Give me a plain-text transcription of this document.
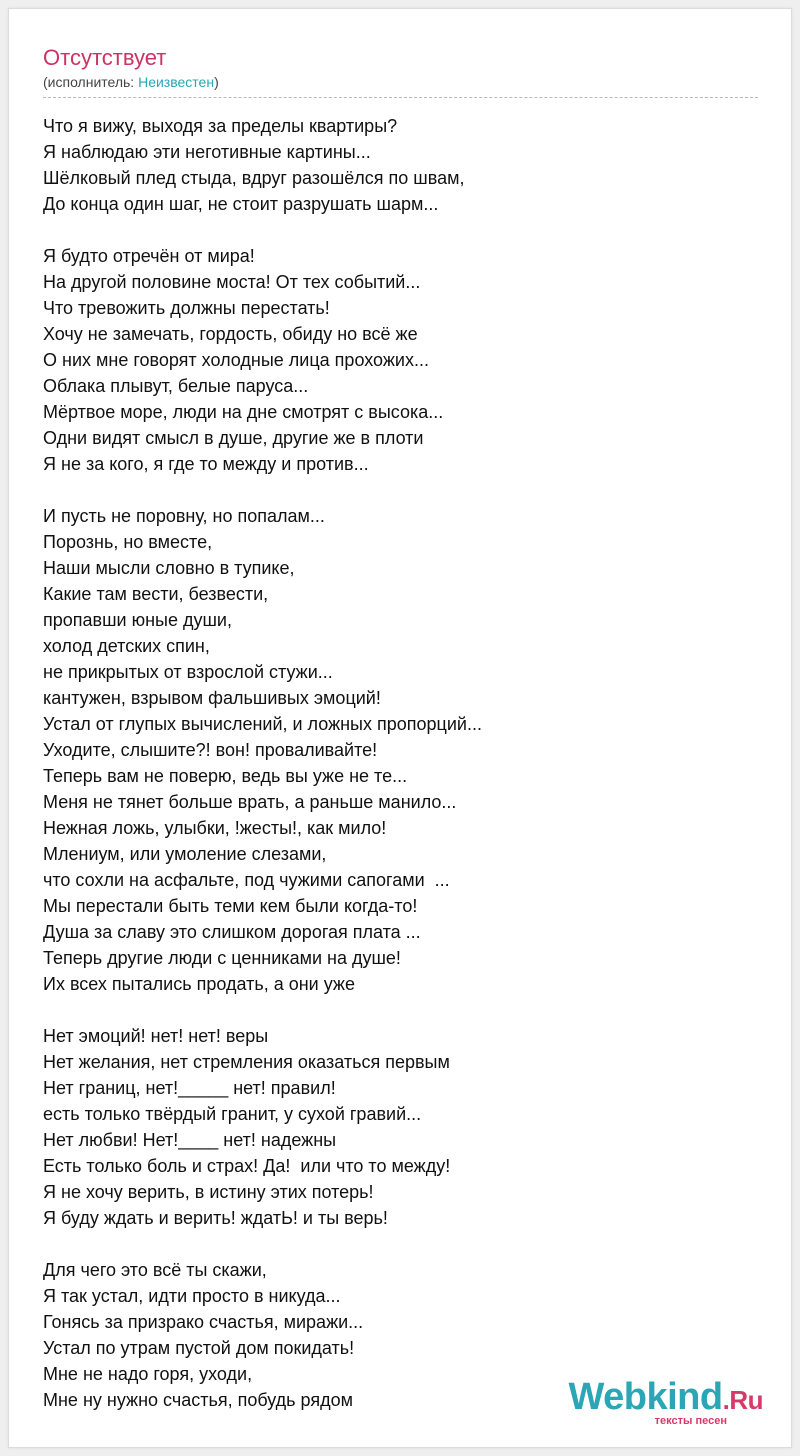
Отсутствует
(исполнитель: Неизвестен)
Что я вижу, выходя за пределы квартиры?
Я наблюдаю эти неготивные картины...
Шёлковый плед стыда, вдруг разошёлся по швам,
До конца один шаг, не стоит разрушать шарм...
Я будто отречён от мира!
На другой половине моста! От тех событий...
Что тревожить должны перестать!
Хочу не замечать, гордость, обиду но всё же
О них мне говорят холодные лица прохожих...
Облака плывут, белые паруса...
Мёртвое море, люди на дне смотрят с высока...
Одни видят смысл в душе, другие же в плоти
Я не за кого, я где то между и против...
И пусть не поровну, но попалам...
Порознь, но вместе,
Наши мысли словно в тупике,
Какие там вести, безвести,
пропавши юные души,
холод детских спин,
не прикрытых от взрослой стужи...
кантужен, взрывом фальшивых эмоций!
Устал от глупых вычислений, и ложных пропорций...
Уходите, слышите?! вон! проваливайте!
Теперь вам не поверю, ведь вы уже не те...
Меня не тянет больше врать, а раньше манило...
Нежная ложь, улыбки, !жесты!, как мило!
Млениум, или умоление слезами,
что сохли на асфальте, под чужими сапогами  ...
Мы перестали быть теми кем были когда-то!
Душа за славу это слишком дорогая плата ...
Теперь другие люди с ценниками на душе!
Их всех пытались продать, а они уже
Нет эмоций! нет! нет! веры
Нет желания, нет стремления оказаться первым
Нет границ, нет!_____ нет! правил!
есть только твёрдый гранит, у сухой гравий...
Нет любви! Нет!____ нет! надежны
Есть только боль и страх! Да!  или что то между!
Я не хочу верить, в истину этих потерь!
Я буду ждать и верить! ждатЬ! и ты верь!
Для чего это всё ты скажи,
Я так устал, идти просто в никуда...
Гонясь за призрако счастья, миражи...
Устал по утрам пустой дом покидать!
Мне не надо горя, уходи,
Мне ну нужно счастья, побудь рядом	Webkind.Ru
тексты песен
